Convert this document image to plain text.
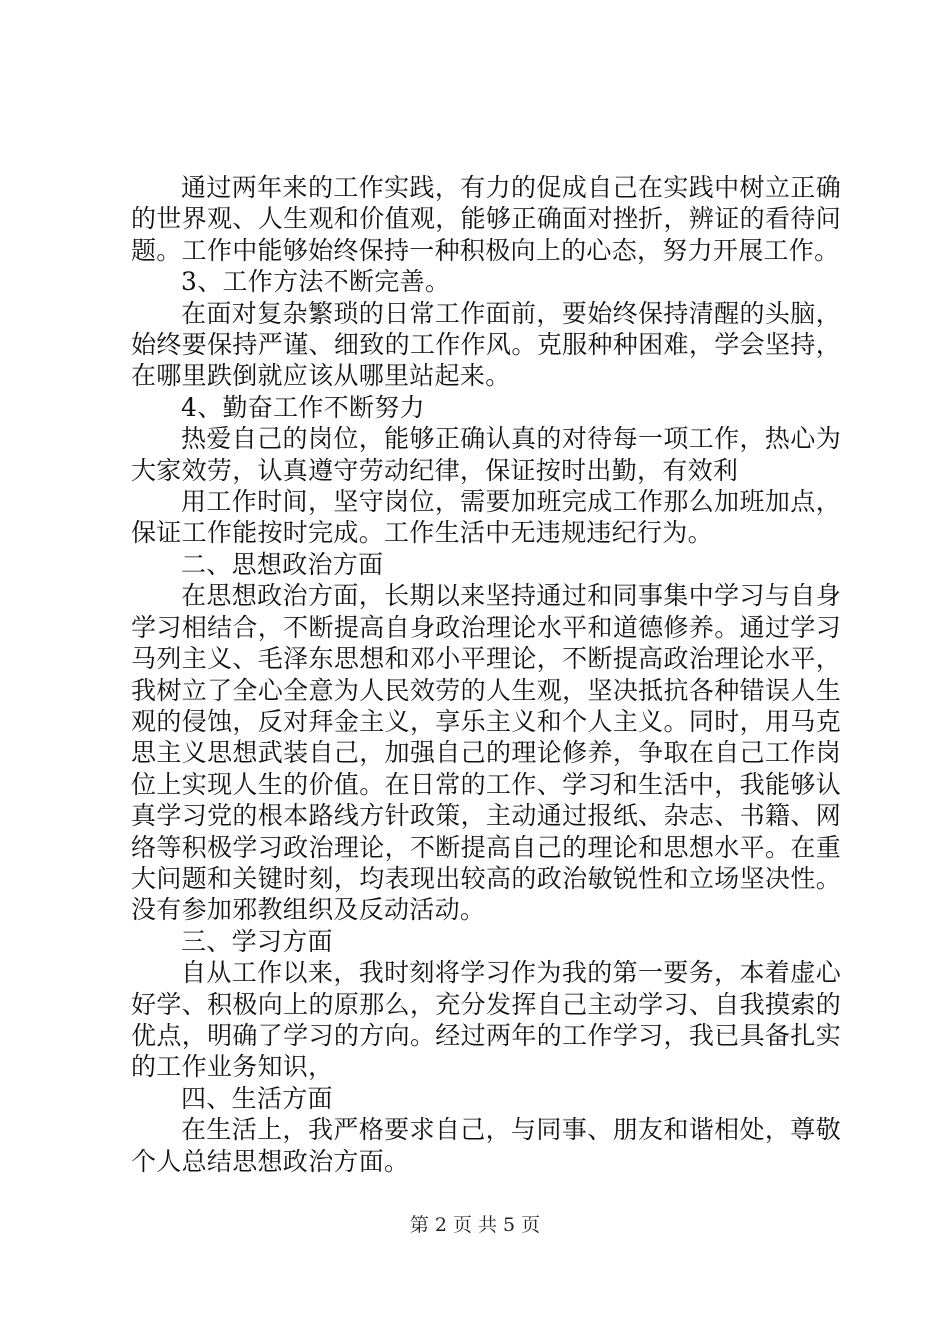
通过两年来的工作实践，有力的促成自己在实践中树立正确的世界观、人生观和价值观，能够正确面对挫折，辨证的看待问题。工作中能够始终保持一种积极向上的心态，努力开展工作。

3、工作方法不断完善。

在面对复杂繁琐的日常工作面前，要始终保持清醒的头脑，始终要保持严谨、细致的工作作风。克服种种困难，学会坚持，在哪里跌倒就应该从哪里站起来。

4、勤奋工作不断努力

热爱自己的岗位，能够正确认真的对待每一项工作，热心为大家效劳，认真遵守劳动纪律，保证按时出勤，有效利

用工作时间，坚守岗位，需要加班完成工作那么加班加点，保证工作能按时完成。工作生活中无违规违纪行为。

二、思想政治方面

在思想政治方面，长期以来坚持通过和同事集中学习与自身学习相结合，不断提高自身政治理论水平和道德修养。通过学习马列主义、毛泽东思想和邓小平理论，不断提高政治理论水平，我树立了全心全意为人民效劳的人生观，坚决抵抗各种错误人生观的侵蚀，反对拜金主义，享乐主义和个人主义。同时，用马克思主义思想武装自己，加强自己的理论修养，争取在自己工作岗位上实现人生的价值。在日常的工作、学习和生活中，我能够认真学习党的根本路线方针政策，主动通过报纸、杂志、书籍、网络等积极学习政治理论，不断提高自己的理论和思想水平。在重大问题和关键时刻，均表现出较高的政治敏锐性和立场坚决性。没有参加邪教组织及反动活动。

三、学习方面

自从工作以来，我时刻将学习作为我的第一要务，本着虚心好学、积极向上的原那么，充分发挥自己主动学习、自我摸索的优点，明确了学习的方向。经过两年的工作学习，我已具备扎实的工作业务知识，

四、生活方面

在生活上，我严格要求自己，与同事、朋友和谐相处，尊敬个人总结思想政治方面。

第 2 页 共 5 页
